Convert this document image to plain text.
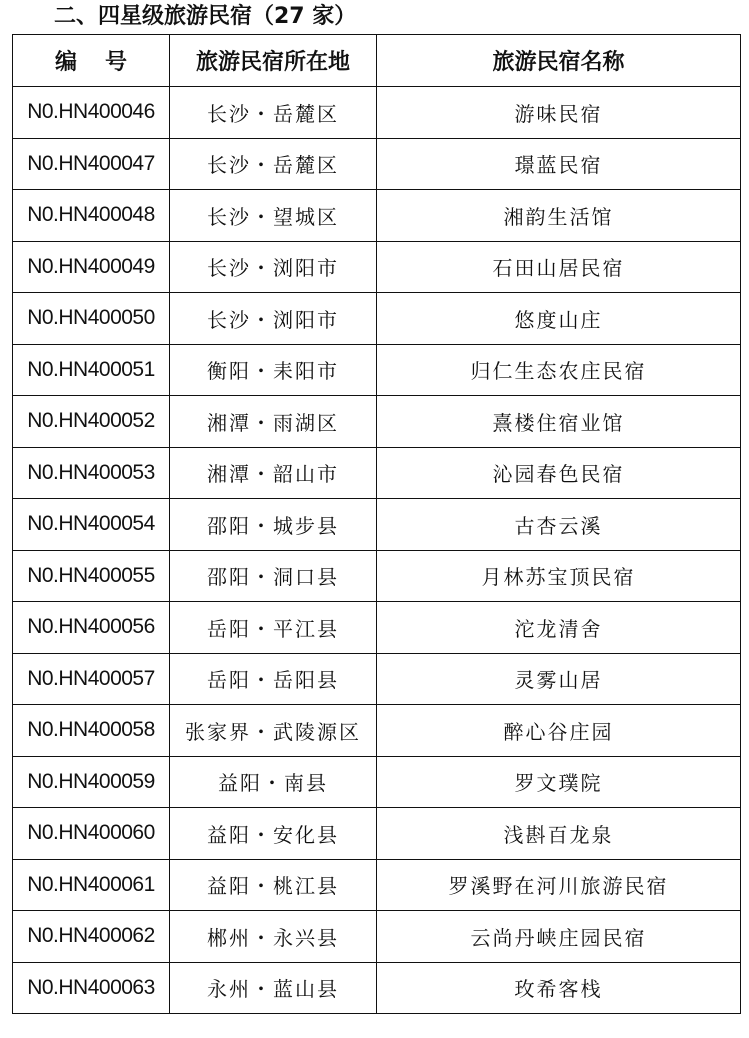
二、四星级旅游民宿（27 家）
编号	旅游民宿所在地	旅游民宿名称
N0.HN400046	长沙・岳麓区	游味民宿
N0.HN400047	长沙・岳麓区	璟蓝民宿
N0.HN400048	长沙・望城区	湘韵生活馆
N0.HN400049	长沙・浏阳市	石田山居民宿
N0.HN400050	长沙・浏阳市	悠度山庄
N0.HN400051	衡阳・耒阳市	归仁生态农庄民宿
N0.HN400052	湘潭・雨湖区	熹楼住宿业馆
N0.HN400053	湘潭・韶山市	沁园春色民宿
N0.HN400054	邵阳・城步县	古杏云溪
N0.HN400055	邵阳・洞口县	月林苏宝顶民宿
N0.HN400056	岳阳・平江县	沱龙清舍
N0.HN400057	岳阳・岳阳县	灵雾山居
N0.HN400058	张家界・武陵源区	醉心谷庄园
N0.HN400059	益阳・南县	罗文璞院
N0.HN400060	益阳・安化县	浅斟百龙泉
N0.HN400061	益阳・桃江县	罗溪野在河川旅游民宿
N0.HN400062	郴州・永兴县	云尚丹峡庄园民宿
N0.HN400063	永州・蓝山县	玫希客栈
